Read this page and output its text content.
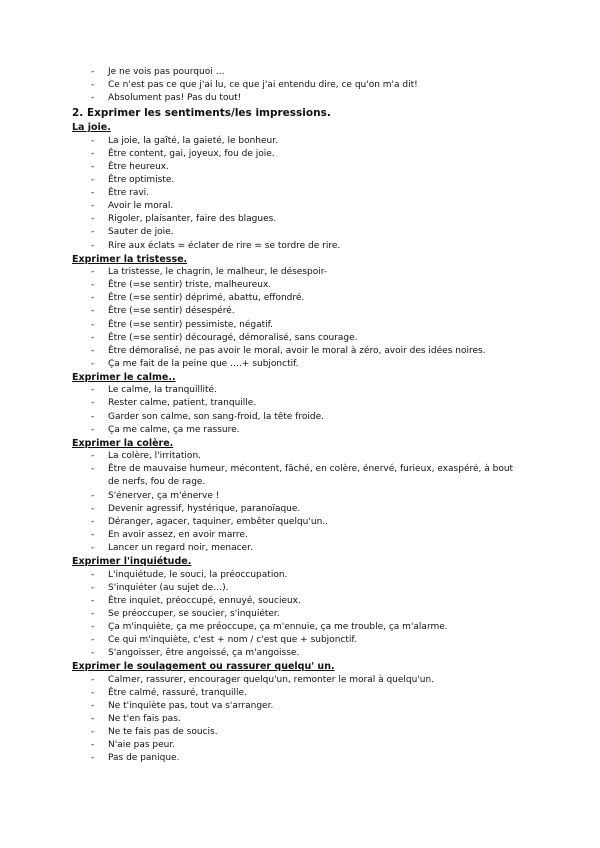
- Je ne vois pas pourquoi …
- Ce n'est pas ce que j'ai lu, ce que j'ai entendu dire, ce qu'on m'a dit!
- Absolument pas! Pas du tout!
2. Exprimer les sentiments/les impressions.
La joie.
- La joie, la gaîté, la gaieté, le bonheur.
- Être content, gai, joyeux, fou de joie.
- Être heureux.
- Être optimiste.
- Être ravi.
- Avoir le moral.
- Rigoler, plaisanter, faire des blagues.
- Sauter de joie.
- Rire aux éclats = éclater de rire = se tordre de rire.
Exprimer la tristesse.
- La tristesse, le chagrin, le malheur, le désespoir-
- Être (=se sentir) triste, malheureux.
- Être (=se sentir) déprimé, abattu, effondré.
- Être (=se sentir) désespéré.
- Être (=se sentir) pessimiste, négatif.
- Être (=se sentir) découragé, démoralisé, sans courage.
- Être démoralisé, ne pas avoir le moral, avoir le moral à zéro, avoir des idées noires.
- Ça me fait de la peine que ….+ subjonctif.
Exprimer le calme..
- Le calme, la tranquillité.
- Rester calme, patient, tranquille.
- Garder son calme, son sang-froid, la tête froide.
- Ça me calme, ça me rassure.
Exprimer la colère.
- La colère, l'irritation.
- Être de mauvaise humeur, mécontent, fâché, en colère, énervé, furieux, exaspéré, à bout de nerfs, fou de rage.
- S'énerver, ça m'énerve !
- Devenir agressif, hystérique, paranoïaque.
- Déranger, agacer, taquiner, embêter quelqu'un..
- En avoir assez, en avoir marre.
- Lancer un regard noir, menacer.
Exprimer l'inquiétude.
- L'inquiétude, le souci, la préoccupation.
- S'inquiéter (au sujet de…).
- Être inquiet, préoccupé, ennuyé, soucieux.
- Se préoccuper, se soucier, s'inquiéter.
- Ça m'inquiète, ça me préoccupe, ça m'ennuie, ça me trouble, ça m'alarme.
- Ce qui m'inquiète, c'est + nom / c'est que + subjonctif.
- S'angoisser, être angoissé, ça m'angoisse.
Exprimer le soulagement ou rassurer quelqu' un.
- Calmer, rassurer, encourager quelqu'un, remonter le moral à quelqu'un.
- Être calmé, rassuré, tranquille.
- Ne t'inquiète pas, tout va s'arranger.
- Ne t'en fais pas.
- Ne te fais pas de soucis.
- N'aie pas peur.
- Pas de panique.
